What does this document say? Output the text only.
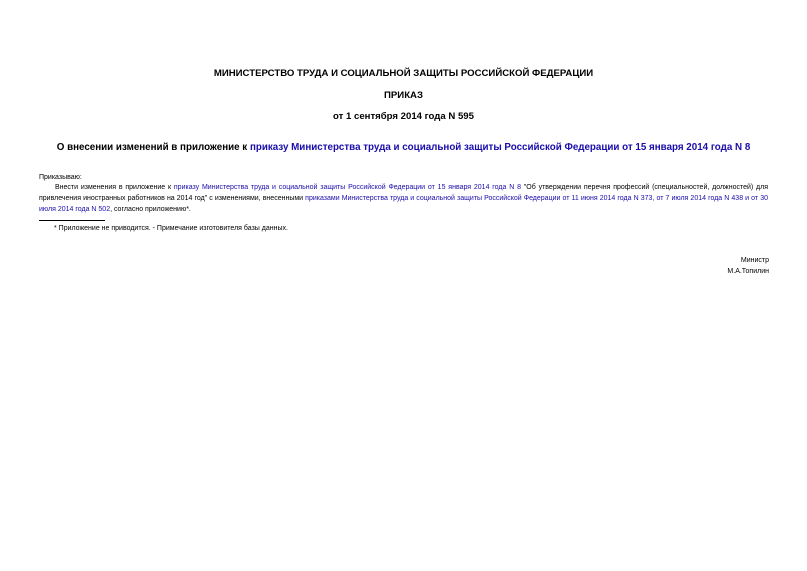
МИНИСТЕРСТВО ТРУДА И СОЦИАЛЬНОЙ ЗАЩИТЫ РОССИЙСКОЙ ФЕДЕРАЦИИ
ПРИКАЗ
от 1 сентября 2014 года N 595
О внесении изменений в приложение к приказу Министерства труда и социальной защиты Российской Федерации от 15 января 2014 года N 8
Приказываю:
Внести изменения в приложение к приказу Министерства труда и социальной защиты Российской Федерации от 15 января 2014 года N 8 "Об утверждении перечня профессий (специальностей, должностей) для привлечения иностранных работников на 2014 год" с изменениями, внесенными приказами Министерства труда и социальной защиты Российской Федерации от 11 июня 2014 года N 373, от 7 июля 2014 года N 438 и от 30 июля 2014 года N 502, согласно приложению*.
* Приложение не приводится. - Примечание изготовителя базы данных.
Министр
М.А.Топилин
